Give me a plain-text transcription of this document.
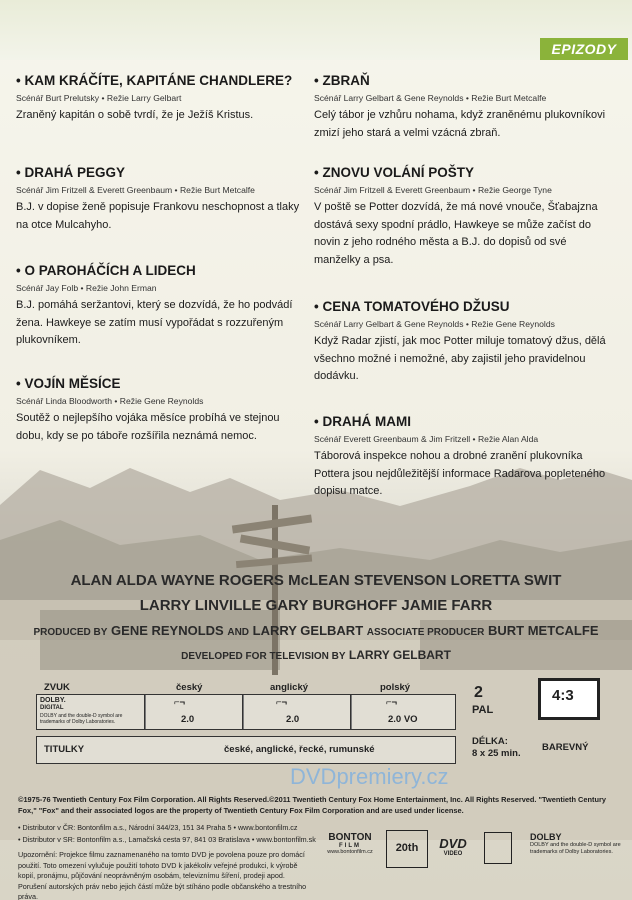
EPIZODY
• KAM KRÁČÍTE, KAPITÁNE CHANDLERE?
Scénář Burt Prelutsky • Režie Larry Gelbart
Zraněný kapitán o sobě tvrdí, že je Ježíš Kristus.
• DRAHÁ PEGGY
Scénář Jim Fritzell & Everett Greenbaum • Režie Burt Metcalfe
B.J. v dopise ženě popisuje Frankovu neschopnost a tlaky na otce Mulcahyho.
• O PAROHÁČÍCH A LIDECH
Scénář Jay Folb • Režie John Erman
B.J. pomáhá seržantovi, který se dozvídá, že ho podvádí žena. Hawkeye se zatím musí vypořádat s rozzuřeným plukovníkem.
• VOJÍN MĚSÍCE
Scénář Linda Bloodworth • Režie Gene Reynolds
Soutěž o nejlepšího vojáka měsíce probíhá ve stejnou dobu, kdy se po táboře rozšířila neznámá nemoc.
• ZBRAŇ
Scénář Larry Gelbart & Gene Reynolds • Režie Burt Metcalfe
Celý tábor je vzhůru nohama, když zraněnému plukovníkovi zmizí jeho stará a velmi vzácná zbraň.
• ZNOVU VOLÁNÍ POŠTY
Scénář Jim Fritzell & Everett Greenbaum • Režie George Tyne
V poště se Potter dozvídá, že má nové vnouče, Šťabajzna dostává sexy spodní prádlo, Hawkeye se může začíst do novin z jeho rodného města a B.J. do dopisů od své manželky a psa.
• CENA TOMATOVÉHO DŽUSU
Scénář Larry Gelbart & Gene Reynolds • Režie Gene Reynolds
Když Radar zjistí, jak moc Potter miluje tomatový džus, dělá všechno možné i nemožné, aby zajistil jeho pravidelnou dodávku.
• DRAHÁ MAMI
Scénář Everett Greenbaum & Jim Fritzell • Režie Alan Alda
Táborová inspekce nohou a drobné zranění plukovníka Pottera jsou nejdůležitější informace Radarova popleteného dopisu matce.
ALAN ALDA WAYNE ROGERS McLEAN STEVENSON LORETTA SWIT
LARRY LINVILLE GARY BURGHOFF JAMIE FARR
PRODUCED BY GENE REYNOLDS AND LARRY GELBART ASSOCIATE PRODUCER BURT METCALFE
DEVELOPED FOR TELEVISION BY LARRY GELBART
ZVUK
DOLBY.
DIGITAL
DOLBY and the double-D symbol are trademarks of Dolby Laboratories.
český	anglický	polský
⌐¬	⌐¬	⌐¬
2.0	2.0	2.0 VO
2
PAL
4:3
TITULKY	české, anglické, řecké, rumunské
DÉLKA:
8 x 25 min.
BAREVNÝ
DVDpremiery.cz
©1975-76 Twentieth Century Fox Film Corporation. All Rights Reserved.©2011 Twentieth Century Fox Home Entertainment, Inc. All Rights Reserved. "Twentieth Century Fox," "Fox" and their associated logos are the property of Twentieth Century Fox Film Corporation and are used under license.
• Distributor v ČR: Bontonfilm a.s., Národní 344/23, 151 34 Praha 5 • www.bontonfilm.cz
• Distributor v SR: Bontonfilm a.s., Lamačská cesta 97, 841 03 Bratislava • www.bontonfilm.sk
Upozornění: Projekce filmu zaznamenaného na tomto DVD je povolena pouze pro domácí použití. Toto omezení vylučuje použití tohoto DVD k jakékoliv veřejné produkci, k výrobě kopií, pronájmu, půjčování neoprávněným osobám, televiznímu šíření, prodeji apod. Porušení autorských práv nebo jejich částí může být stíháno podle občanského a trestního práva.
BONTON
FILM
www.bontonfilm.cz	20th	DVD
VIDEO
DOLBY
DOLBY and the double-D symbol are trademarks of Dolby Laboratories.
